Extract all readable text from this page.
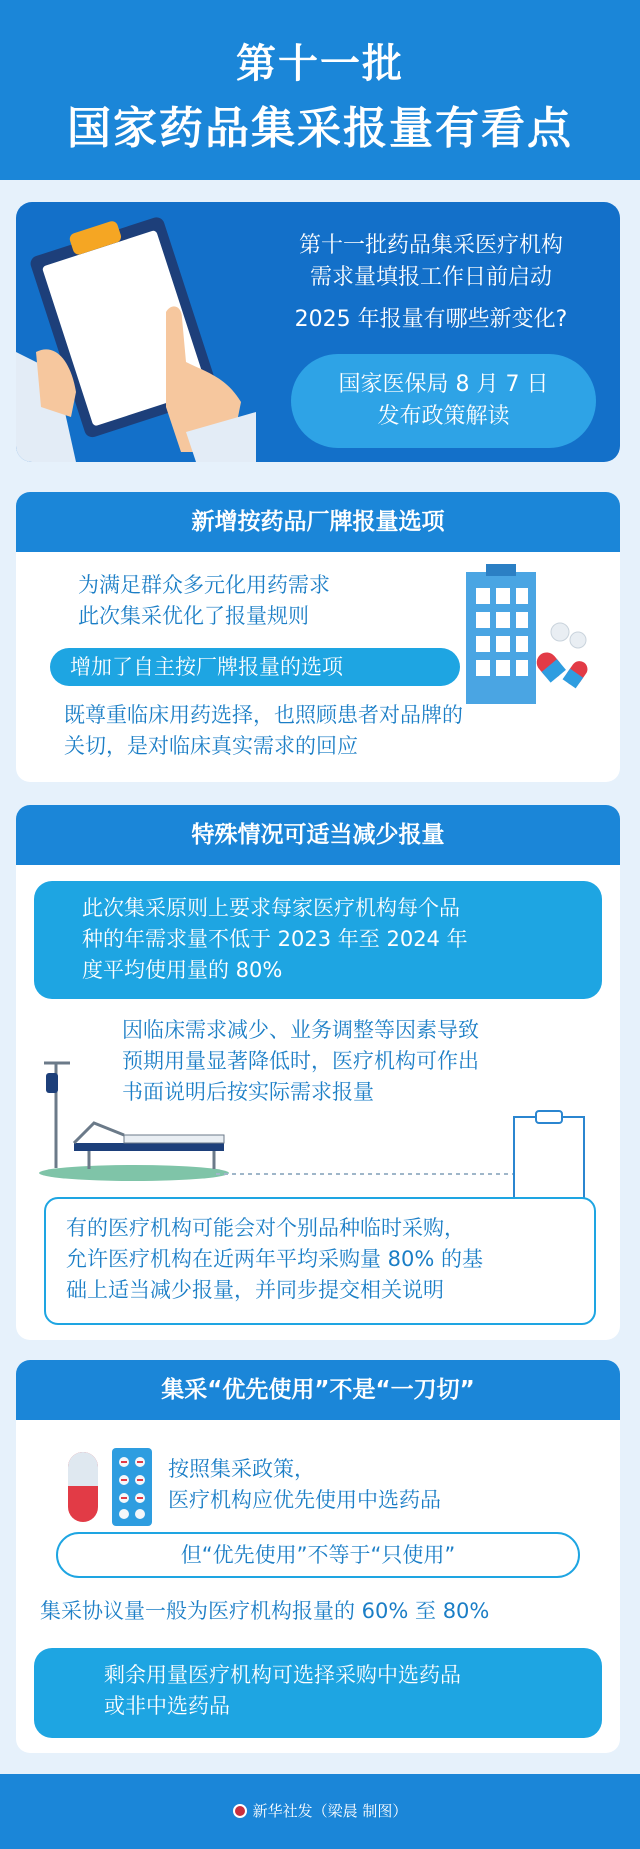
第十一批
国家药品集采报量有看点
第十一批药品集采医疗机构
需求量填报工作日前启动
2025 年报量有哪些新变化?
国家医保局 8 月 7 日
发布政策解读
新增按药品厂牌报量选项
为满足群众多元化用药需求
此次集采优化了报量规则
增加了自主按厂牌报量的选项
既尊重临床用药选择，也照顾患者对品牌的
关切，是对临床真实需求的回应
特殊情况可适当减少报量
此次集采原则上要求每家医疗机构每个品
种的年需求量不低于 2023 年至 2024 年
度平均使用量的 80%
因临床需求减少、业务调整等因素导致
预期用量显著降低时，医疗机构可作出
书面说明后按实际需求报量
有的医疗机构可能会对个别品种临时采购，
允许医疗机构在近两年平均采购量 80% 的基
础上适当减少报量，并同步提交相关说明
集采“优先使用”不是“一刀切”
按照集采政策，
医疗机构应优先使用中选药品
但“优先使用”不等于“只使用”
集采协议量一般为医疗机构报量的 60% 至 80%
剩余用量医疗机构可选择采购中选药品
或非中选药品
新华社发（梁晨 制图）
